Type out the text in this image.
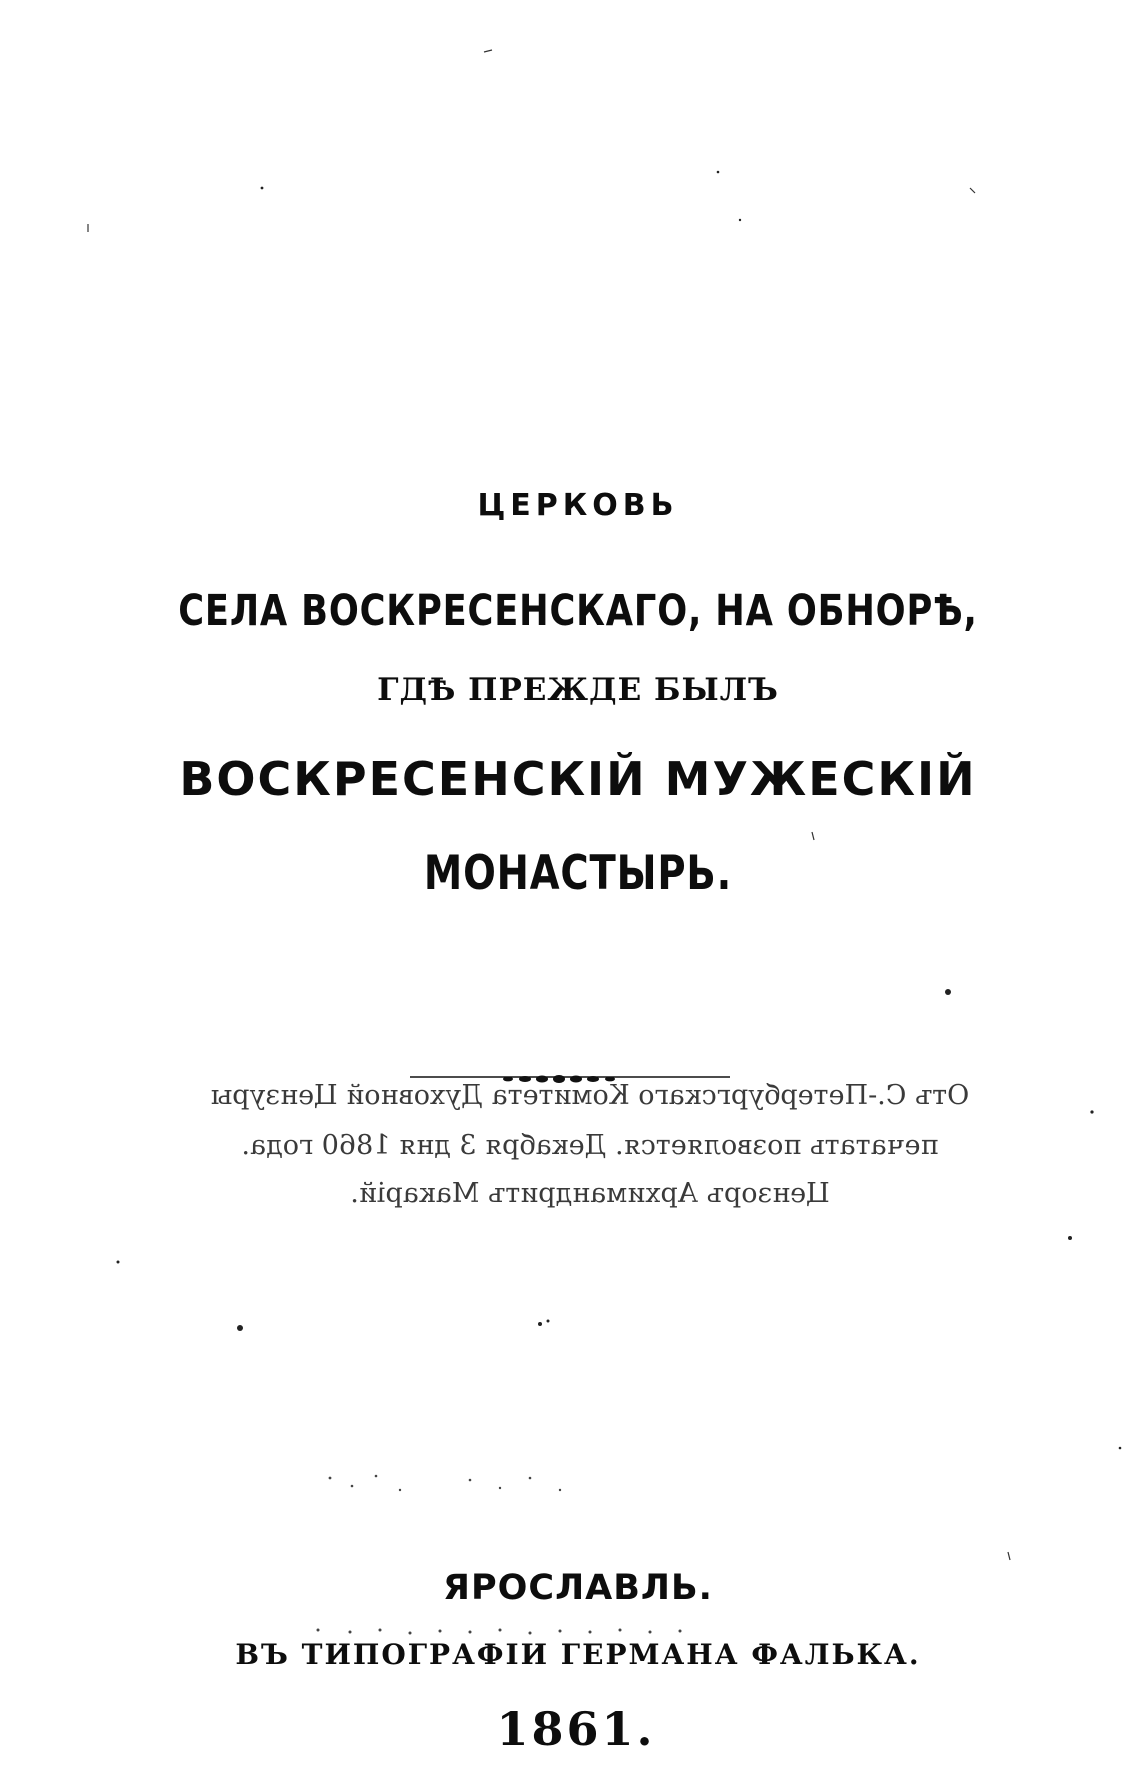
ЦЕРКОВЬ
СЕЛА ВОСКРЕСЕНСКАГО, НА ОБНОРѢ,
ГДѢ ПРЕЖДЕ БЫЛЪ
ВОСКРЕСЕНСКІЙ МУЖЕСКІЙ
МОНАСТЫРЬ.
Отъ С.-Петербургскаго Комитета Духовной Цензуры
печатать позволяется. Декабря 3 дня 1860 года.
Цензоръ Архимандритъ Макарій.
ЯРОСЛАВЛЬ.
ВЪ ТИПОГРАФІИ ГЕРМАНА ФАЛЬКА.
1861.
